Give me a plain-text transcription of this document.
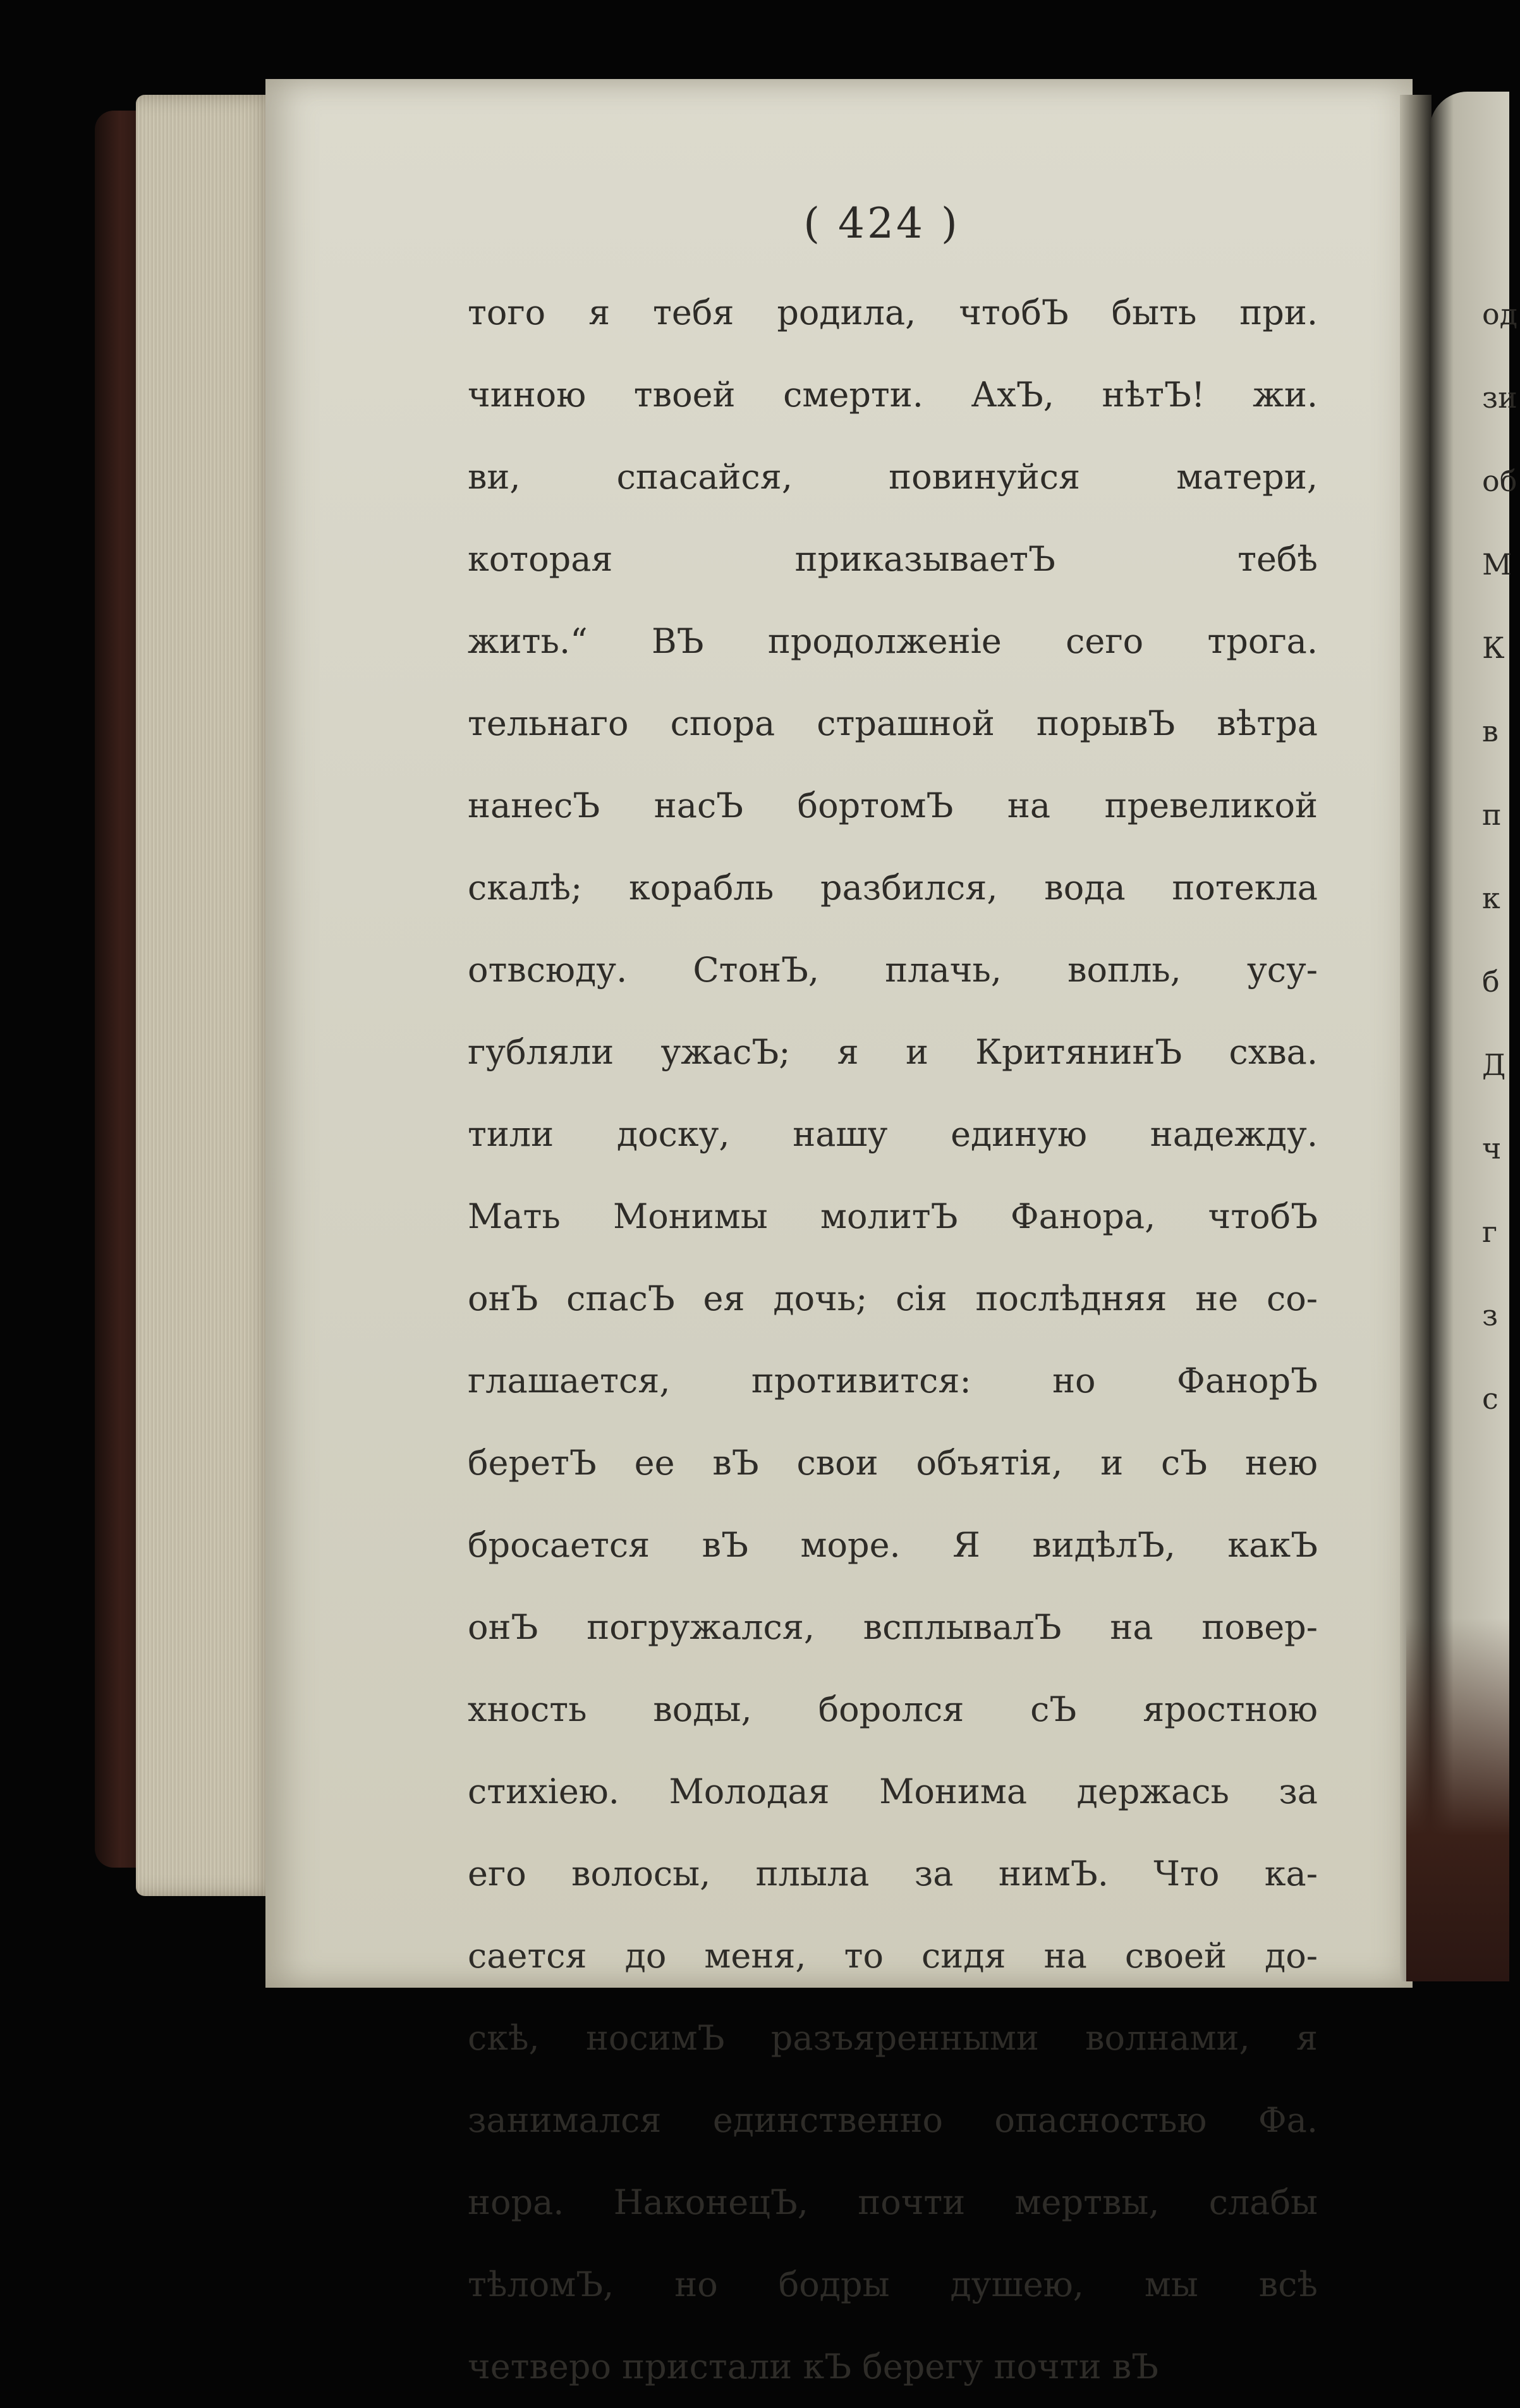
( 424 )
того я тебя родила, чтобЪ быть при.
чиною твоей смерти. АхЪ, нѣтЪ! жи.
ви, спасайся, повинуйся матери,
которая приказываетЪ тебѣ
жить.“ ВЪ продолженіе сего трога.
тельнаго спора страшной порывЪ вѣтра
нанесЪ насЪ бортомЪ на превеликой
скалѣ; корабль разбился, вода потекла
отвсюду. СтонЪ, плачь, вопль, усу-
губляли ужасЪ; я и КритянинЪ схва.
тили доску, нашу единую надежду.
Мать Монимы молитЪ Фанора, чтобЪ
онЪ спасЪ ея дочь; сія послѣдняя не со-
глашается, противится: но ФанорЪ
беретЪ ее вЪ свои объятія, и сЪ нею
бросается вЪ море. Я видѣлЪ, какЪ
онЪ погружался, всплывалЪ на повер-
хность воды, боролся сЪ яростною
стихіею. Молодая Монима держась за
его волосы, плыла за нимЪ. Что ка-
сается до меня, то сидя на своей до-
скѣ, носимЪ разъяренными волнами, я
занимался единственно опасностью Фа.
нора. НаконецЪ, почти мертвы, слабы
тѣломЪ, но бодры душею, мы всѣ
четверо пристали кЪ берегу почти вЪ
од
зи
об
М
К
в
п
к
б
Д
ч
г
з
с
